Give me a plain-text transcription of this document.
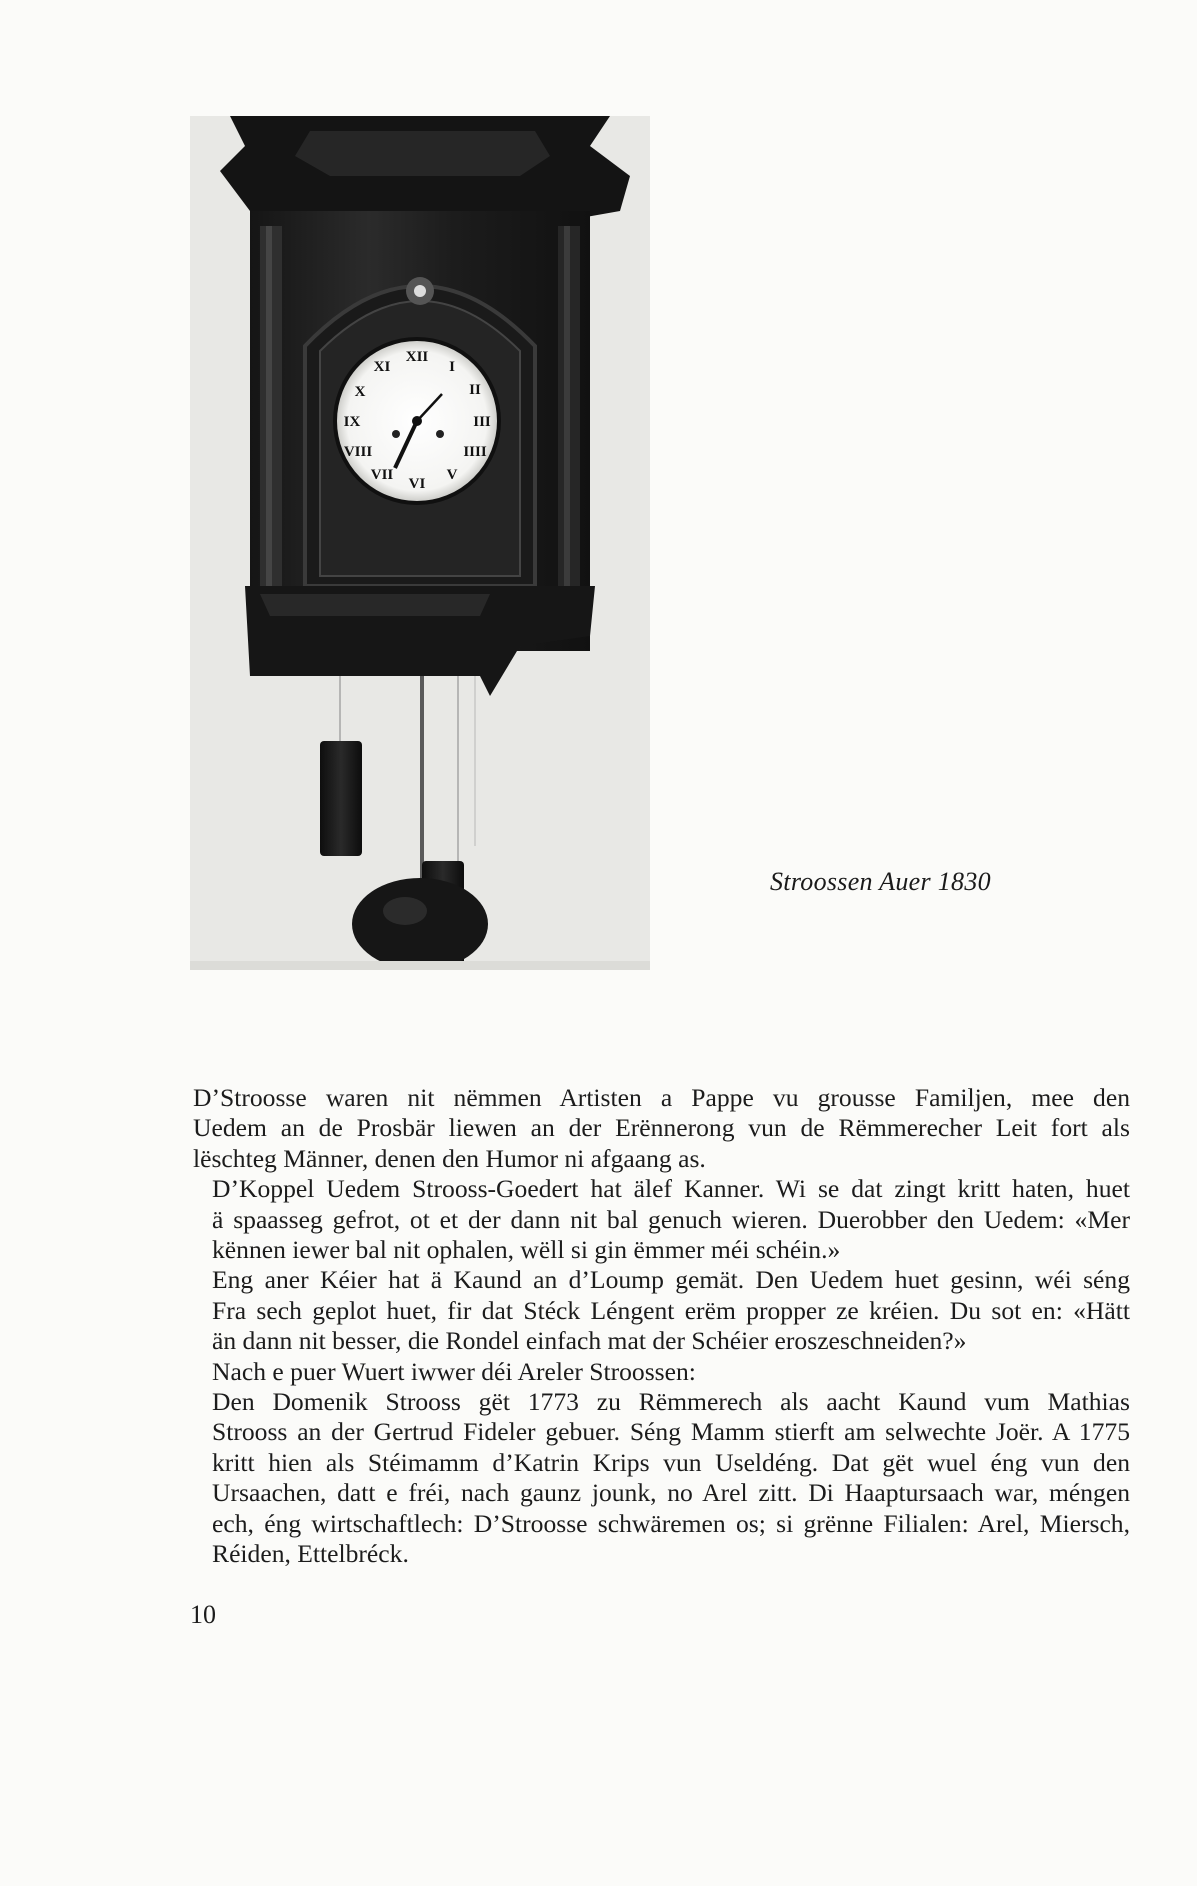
XII
I
II
III
IIII
V
VI
VII
VIII
IX
X
XI
Stroossen Auer 1830

D’Stroosse waren nit nëmmen Artisten a Pappe vu grousse Familjen, mee den
Uedem an de Prosbär liewen an der Erënnerong vun de Rëmmerecher Leit fort als
lëschteg Männer, denen den Humor ni afgaang as.

D’Koppel Uedem Strooss-Goedert hat älef Kanner. Wi se dat zingt kritt haten, huet
ä spaasseg gefrot, ot et der dann nit bal genuch wieren. Duerobber den Uedem: «Mer
kënnen iewer bal nit ophalen, wëll si gin ëmmer méi schéin.»

Eng aner Kéier hat ä Kaund an d’Loump gemät. Den Uedem huet gesinn, wéi séng
Fra sech geplot huet, fir dat Stéck Léngent erëm propper ze kréien. Du sot en: «Hätt
än dann nit besser, die Rondel einfach mat der Schéier eroszeschneiden?»

Nach e puer Wuert iwwer déi Areler Stroossen:

Den Domenik Strooss gët 1773 zu Rëmmerech als aacht Kaund vum Mathias
Strooss an der Gertrud Fideler gebuer. Séng Mamm stierft am selwechte Joër. A 1775
kritt hien als Stéimamm d’Katrin Krips vun Useldéng. Dat gët wuel éng vun den
Ursaachen, datt e fréi, nach gaunz jounk, no Arel zitt. Di Haaptursaach war, méngen
ech, éng wirtschaftlech: D’Stroosse schwäremen os; si grënne Filialen: Arel, Miersch,
Réiden, Ettelbréck.

10
